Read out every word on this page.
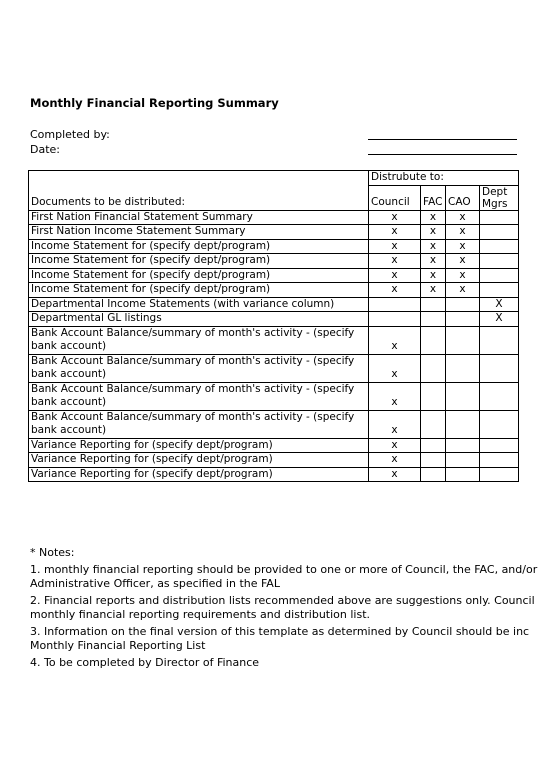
Monthly Financial Reporting Summary
Completed by:
Date:
Documents to be distributed:	Distrubute to:			
	Council	FAC	CAO	Dept Mgrs
First Nation Financial Statement Summary	x	x	x	
First Nation Income Statement Summary	x	x	x	
Income Statement for (specify dept/program)	x	x	x	
Income Statement for (specify dept/program)	x	x	x	
Income Statement for (specify dept/program)	x	x	x	
Income Statement for (specify dept/program)	x	x	x	
Departmental Income Statements (with variance column)				X
Departmental GL listings				X
Bank Account Balance/summary of month's activity - (specify bank account)	x			
Bank Account Balance/summary of month's activity - (specify bank account)	x			
Bank Account Balance/summary of month's activity - (specify bank account)	x			
Bank Account Balance/summary of month's activity - (specify bank account)	x			
Variance Reporting for (specify dept/program)	x			
Variance Reporting for (specify dept/program)	x			
Variance Reporting for (specify dept/program)	x			
* Notes:
1. monthly financial reporting should be provided to one or more of Council, the FAC, and/or
Administrative Officer, as specified in the FAL
2. Financial reports and distribution lists recommended above are suggestions only. Council
monthly financial reporting requirements and distribution list.
3. Information on the final version of this template as determined by Council should be inc
Monthly Financial Reporting List
4. To be completed by Director of Finance
